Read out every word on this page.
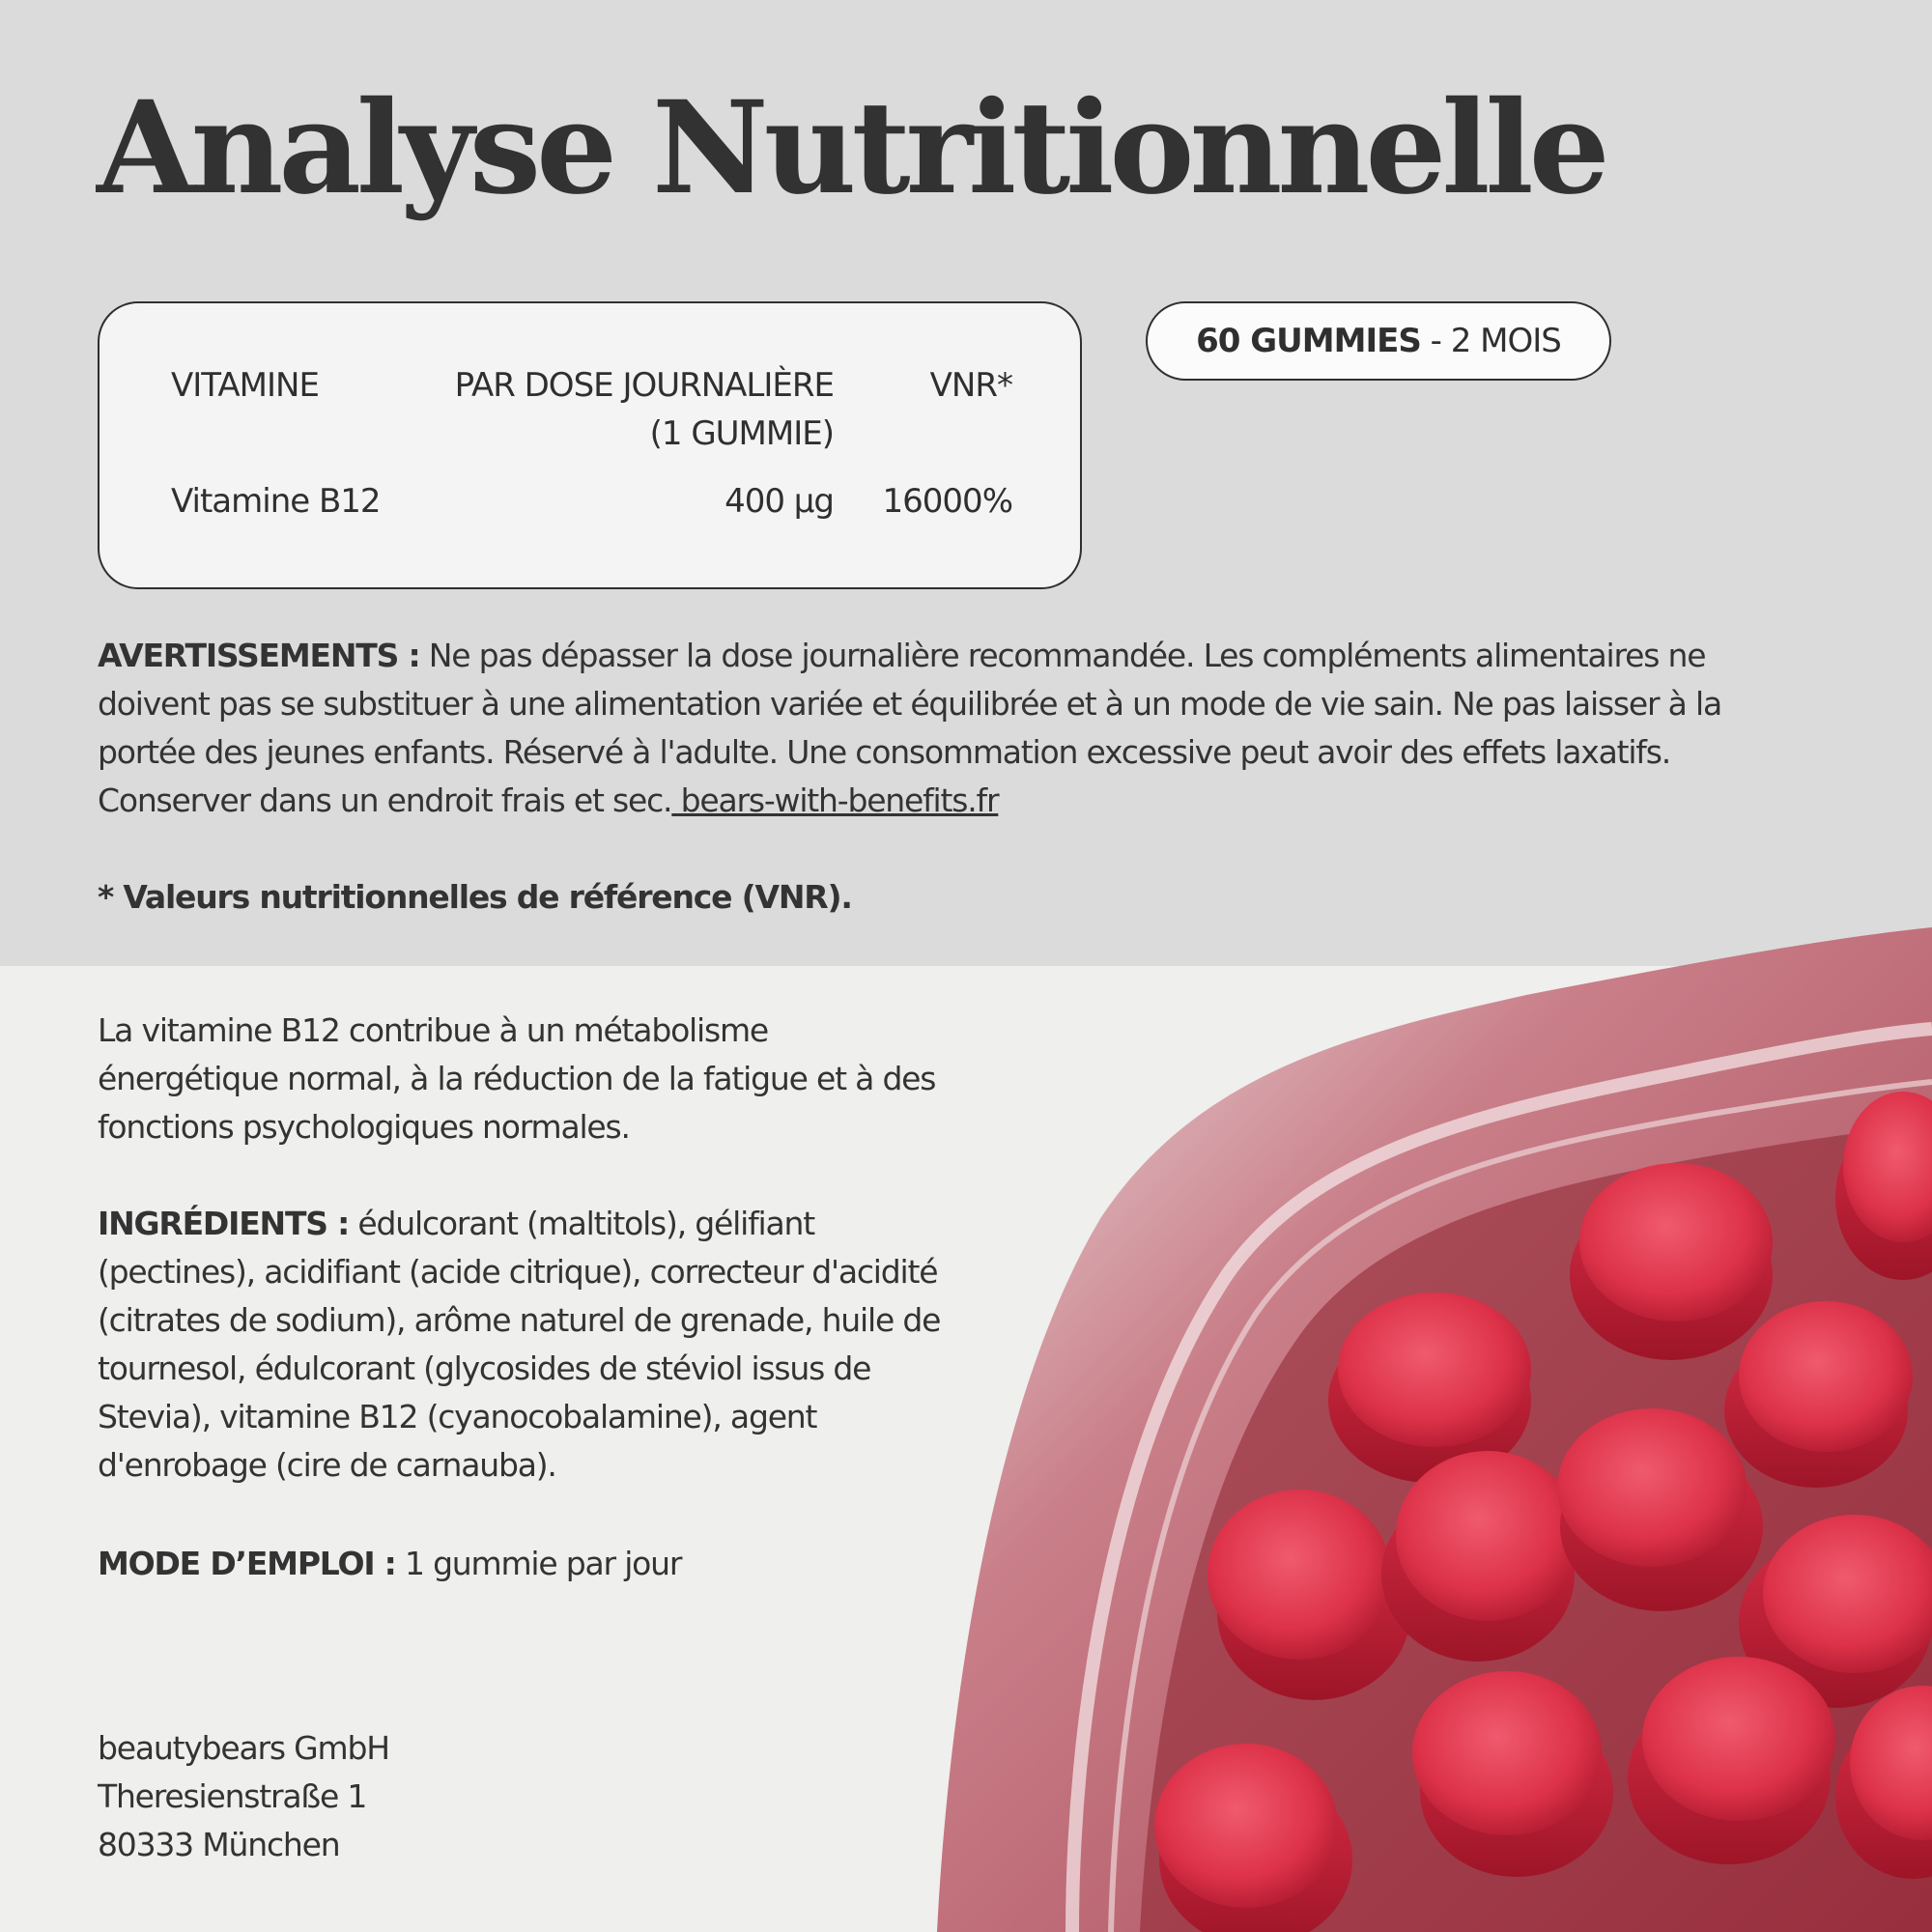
Analyse Nutritionnelle
VITAMINE	PAR DOSE JOURNALIÈRE
(1 GUMMIE)
VNR*
Vitamine B12	400 µg 16000%
60 GUMMIES - 2 MOIS
AVERTISSEMENTS : Ne pas dépasser la dose journalière recommandée. Les compléments alimentaires ne doivent pas se substituer à une alimentation variée et équilibrée et à un mode de vie sain. Ne pas laisser à la portée des jeunes enfants. Réservé à l'adulte. Une consommation excessive peut avoir des effets laxatifs. Conserver dans un endroit frais et sec. bears-with-benefits.fr
* Valeurs nutritionnelles de référence (VNR).
La vitamine B12 contribue à un métabolisme énergétique normal, à la réduction de la fatigue et à des fonctions psychologiques normales.
INGRÉDIENTS : édulcorant (maltitols), gélifiant (pectines), acidifiant (acide citrique), correcteur d'acidité (citrates de sodium), arôme naturel de grenade, huile de tournesol, édulcorant (glycosides de stéviol issus de Stevia), vitamine B12 (cyanocobalamine), agent d'enrobage (cire de carnauba).
MODE D’EMPLOI : 1 gummie par jour
beautybears GmbH
Theresienstraße 1
80333 München
